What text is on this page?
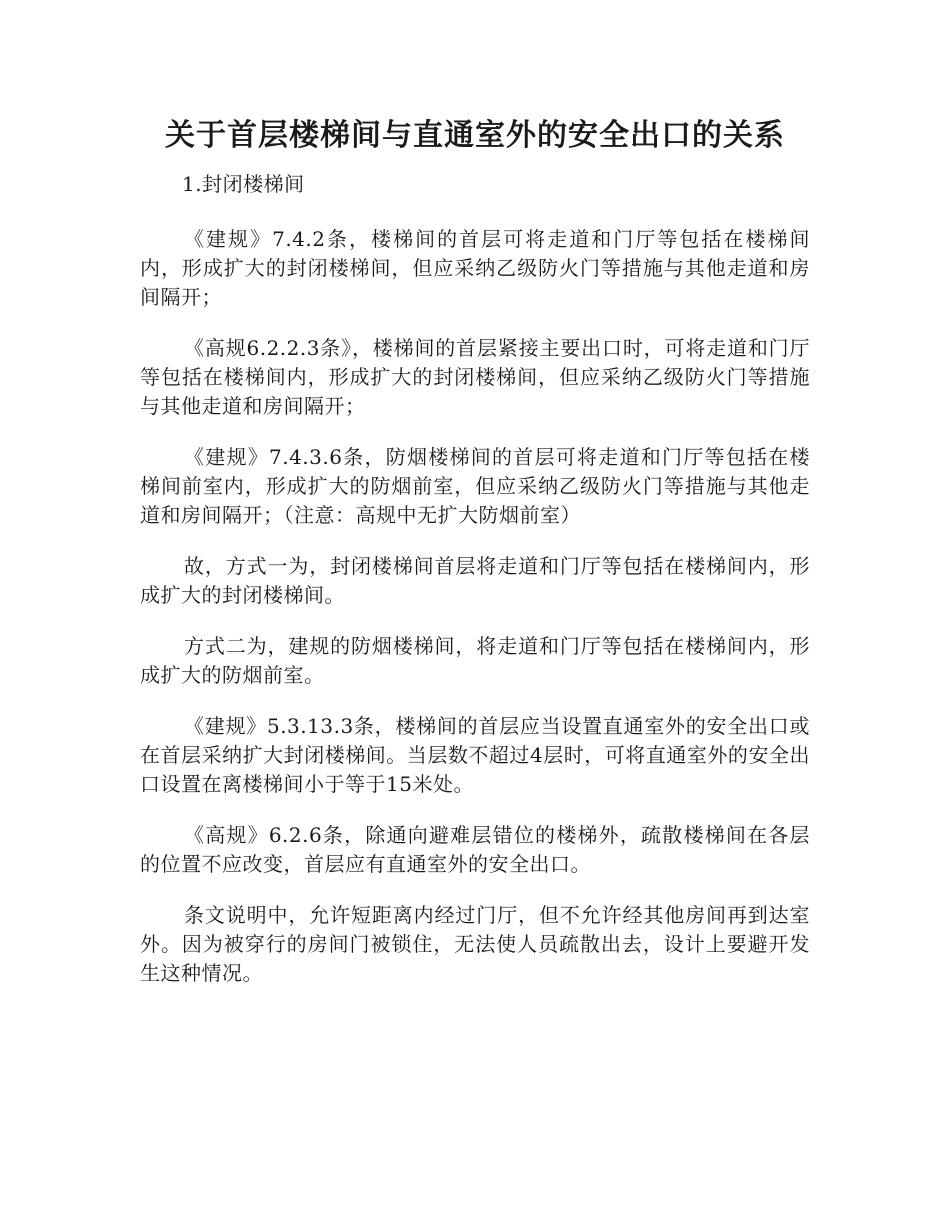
关于首层楼梯间与直通室外的安全出口的关系

1.封闭楼梯间

《建规》7.4.2条，楼梯间的首层可将走道和门厅等包括在楼梯间内，形成扩大的封闭楼梯间，但应采纳乙级防火门等措施与其他走道和房间隔开；

《高规6.2.2.3条》，楼梯间的首层紧接主要出口时，可将走道和门厅等包括在楼梯间内，形成扩大的封闭楼梯间，但应采纳乙级防火门等措施与其他走道和房间隔开；

《建规》7.4.3.6条，防烟楼梯间的首层可将走道和门厅等包括在楼梯间前室内，形成扩大的防烟前室，但应采纳乙级防火门等措施与其他走道和房间隔开；（注意：高规中无扩大防烟前室）

故，方式一为，封闭楼梯间首层将走道和门厅等包括在楼梯间内，形成扩大的封闭楼梯间。

方式二为，建规的防烟楼梯间，将走道和门厅等包括在楼梯间内，形成扩大的防烟前室。

《建规》5.3.13.3条，楼梯间的首层应当设置直通室外的安全出口或在首层采纳扩大封闭楼梯间。当层数不超过4层时，可将直通室外的安全出口设置在离楼梯间小于等于15米处。

《高规》6.2.6条，除通向避难层错位的楼梯外，疏散楼梯间在各层的位置不应改变，首层应有直通室外的安全出口。

条文说明中，允许短距离内经过门厅，但不允许经其他房间再到达室外。因为被穿行的房间门被锁住，无法使人员疏散出去，设计上要避开发生这种情况。
